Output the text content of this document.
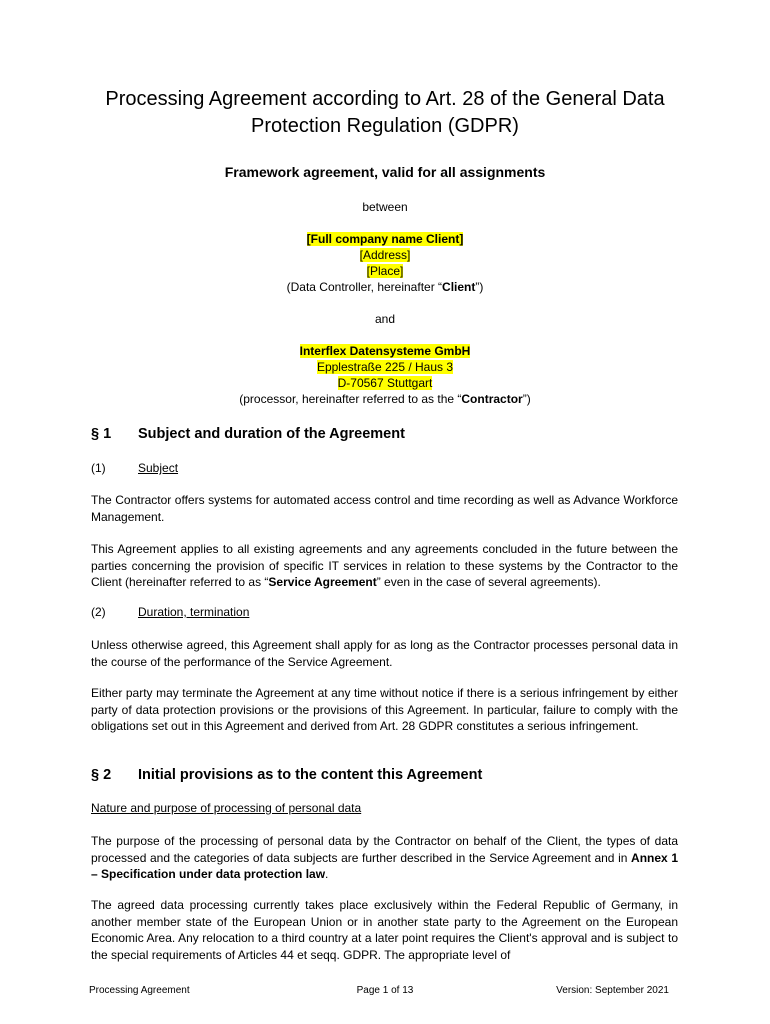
Processing Agreement according to Art. 28 of the General Data Protection Regulation (GDPR)
Framework agreement, valid for all assignments
between
[Full company name Client]
[Address]
[Place]
(Data Controller, hereinafter “Client”)
and
Interflex Datensysteme GmbH
Epplestraße 225 / Haus 3
D-70567 Stuttgart
(processor, hereinafter referred to as the “Contractor”)
§ 1 Subject and duration of the Agreement
(1)	Subject
The Contractor offers systems for automated access control and time recording as well as Advance Workforce Management.
This Agreement applies to all existing agreements and any agreements concluded in the future between the parties concerning the provision of specific IT services in relation to these systems by the Contractor to the Client (hereinafter referred to as “Service Agreement” even in the case of several agreements).
(2)	Duration, termination
Unless otherwise agreed, this Agreement shall apply for as long as the Contractor processes personal data in the course of the performance of the Service Agreement.
Either party may terminate the Agreement at any time without notice if there is a serious infringement by either party of data protection provisions or the provisions of this Agreement. In particular, failure to comply with the obligations set out in this Agreement and derived from Art. 28 GDPR constitutes a serious infringement.
§ 2 Initial provisions as to the content this Agreement
Nature and purpose of processing of personal data
The purpose of the processing of personal data by the Contractor on behalf of the Client, the types of data processed and the categories of data subjects are further described in the Service Agreement and in Annex 1 – Specification under data protection law.
The agreed data processing currently takes place exclusively within the Federal Republic of Germany, in another member state of the European Union or in another state party to the Agreement on the European Economic Area. Any relocation to a third country at a later point requires the Client's approval and is subject to the special requirements of Articles 44 et seqq. GDPR. The appropriate level of
Processing Agreement	Page 1 of 13	Version: September 2021
